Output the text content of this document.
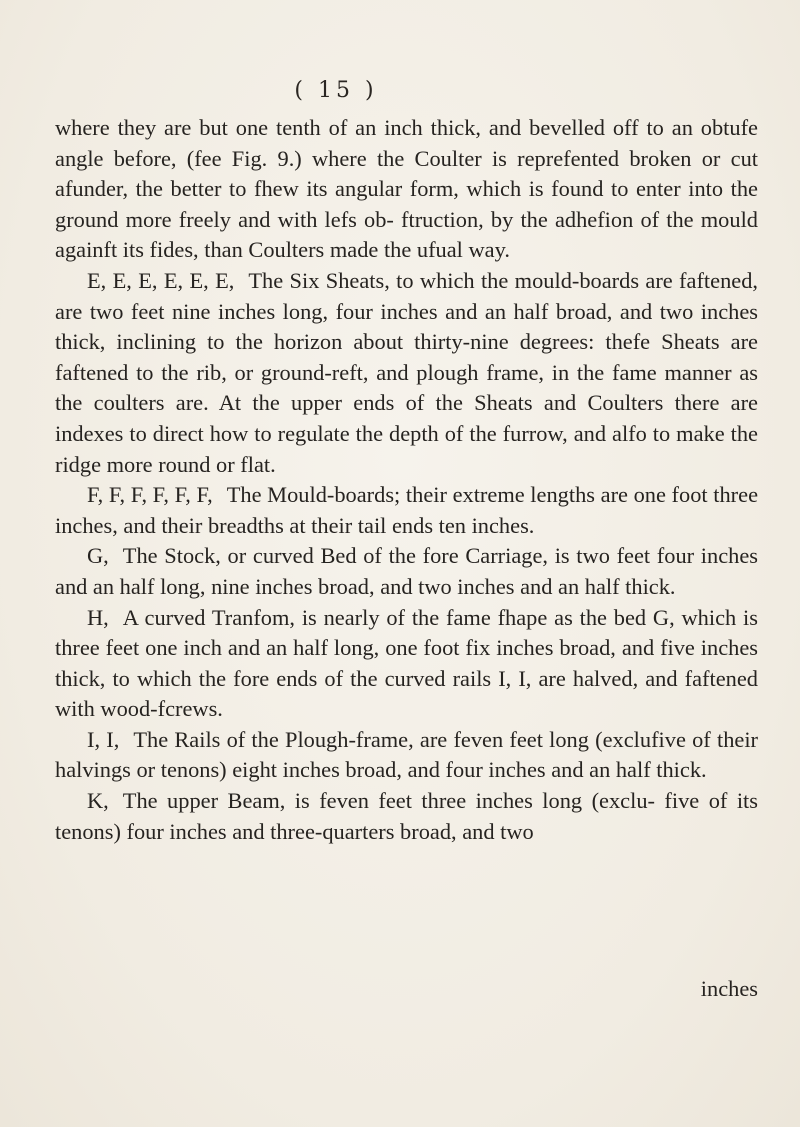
( 15 )

where they are but one tenth of an inch thick, and bevelled off to an obtufe angle before, (fee Fig. 9.) where the Coulter is reprefented broken or cut afunder, the better to fhew its angular form, which is found to enter into the ground more freely and with lefs ob- ftruction, by the adhefion of the mould againft its fides, than Coulters made the ufual way.

E, E, E, E, E, E, The Six Sheats, to which the mould-boards are faftened, are two feet nine inches long, four inches and an half broad, and two inches thick, inclining to the horizon about thirty-nine degrees: thefe Sheats are faftened to the rib, or ground-reft, and plough frame, in the fame manner as the coulters are. At the upper ends of the Sheats and Coulters there are indexes to direct how to regulate the depth of the furrow, and alfo to make the ridge more round or flat.

F, F, F, F, F, F, The Mould-boards; their extreme lengths are one foot three inches, and their breadths at their tail ends ten inches.

G, The Stock, or curved Bed of the fore Carriage, is two feet four inches and an half long, nine inches broad, and two inches and an half thick.

H, A curved Tranfom, is nearly of the fame fhape as the bed G, which is three feet one inch and an half long, one foot fix inches broad, and five inches thick, to which the fore ends of the curved rails I, I, are halved, and faftened with wood-fcrews.

I, I, The Rails of the Plough-frame, are feven feet long (exclufive of their halvings or tenons) eight inches broad, and four inches and an half thick.

K, The upper Beam, is feven feet three inches long (exclu- five of its tenons) four inches and three-quarters broad, and two

inches
